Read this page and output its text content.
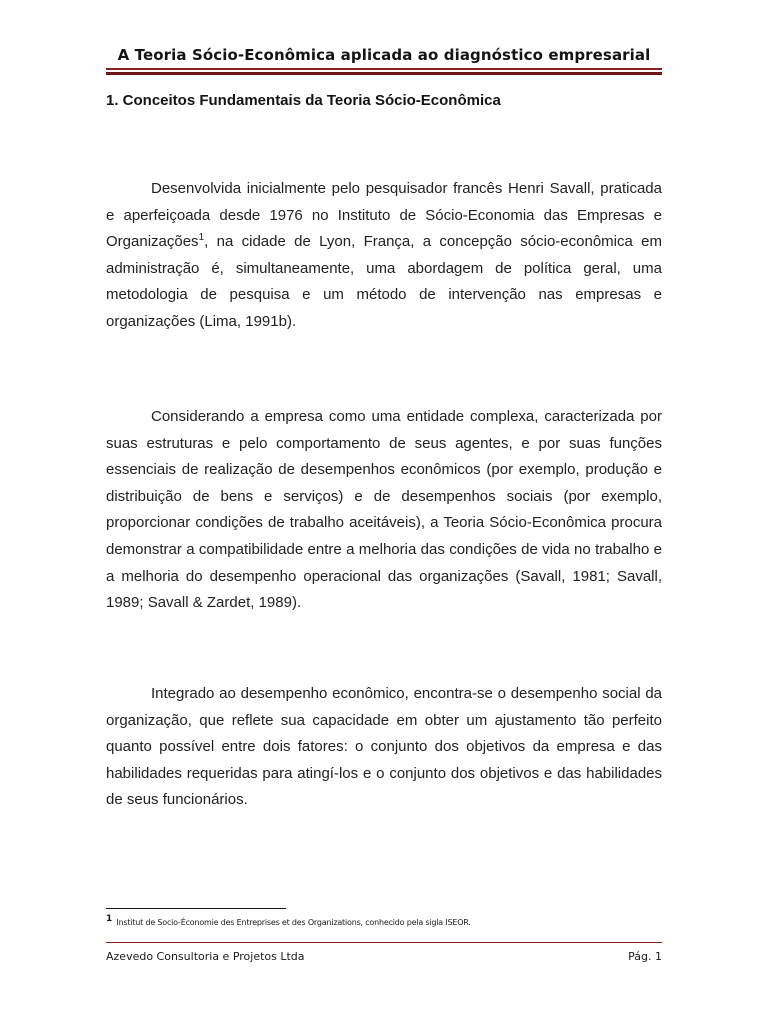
A Teoria Sócio-Econômica aplicada ao diagnóstico empresarial
1. Conceitos Fundamentais da Teoria Sócio-Econômica

Desenvolvida inicialmente pelo pesquisador francês Henri Savall, praticada e aperfeiçoada desde 1976 no Instituto de Sócio-Economia das Empresas e Organizações$^1$, na cidade de Lyon, França, a concepção sócio-econômica em administração é, simultaneamente, uma abordagem de política geral, uma metodologia de pesquisa e um método de intervenção nas empresas e organizações (Lima, 1991b).

Considerando a empresa como uma entidade complexa, caracterizada por suas estruturas e pelo comportamento de seus agentes, e por suas funções essenciais de realização de desempenhos econômicos (por exemplo, produção e distribuição de bens e serviços) e de desempenhos sociais (por exemplo, proporcionar condições de trabalho aceitáveis), a Teoria Sócio-Econômica procura demonstrar a compatibilidade entre a melhoria das condições de vida no trabalho e a melhoria do desempenho operacional das organizações (Savall, 1981; Savall, 1989; Savall & Zardet, 1989).

Integrado ao desempenho econômico, encontra-se o desempenho social da organização, que reflete sua capacidade em obter um ajustamento tão perfeito quanto possível entre dois fatores: o conjunto dos objetivos da empresa e das habilidades requeridas para atingí-los e o conjunto dos objetivos e das habilidades de seus funcionários.

1 Institut de Socio-Économie des Entreprises et des Organizations, conhecido pela sigla ISEOR.
Azevedo Consultoria e Projetos Ltda	Pág. 1
